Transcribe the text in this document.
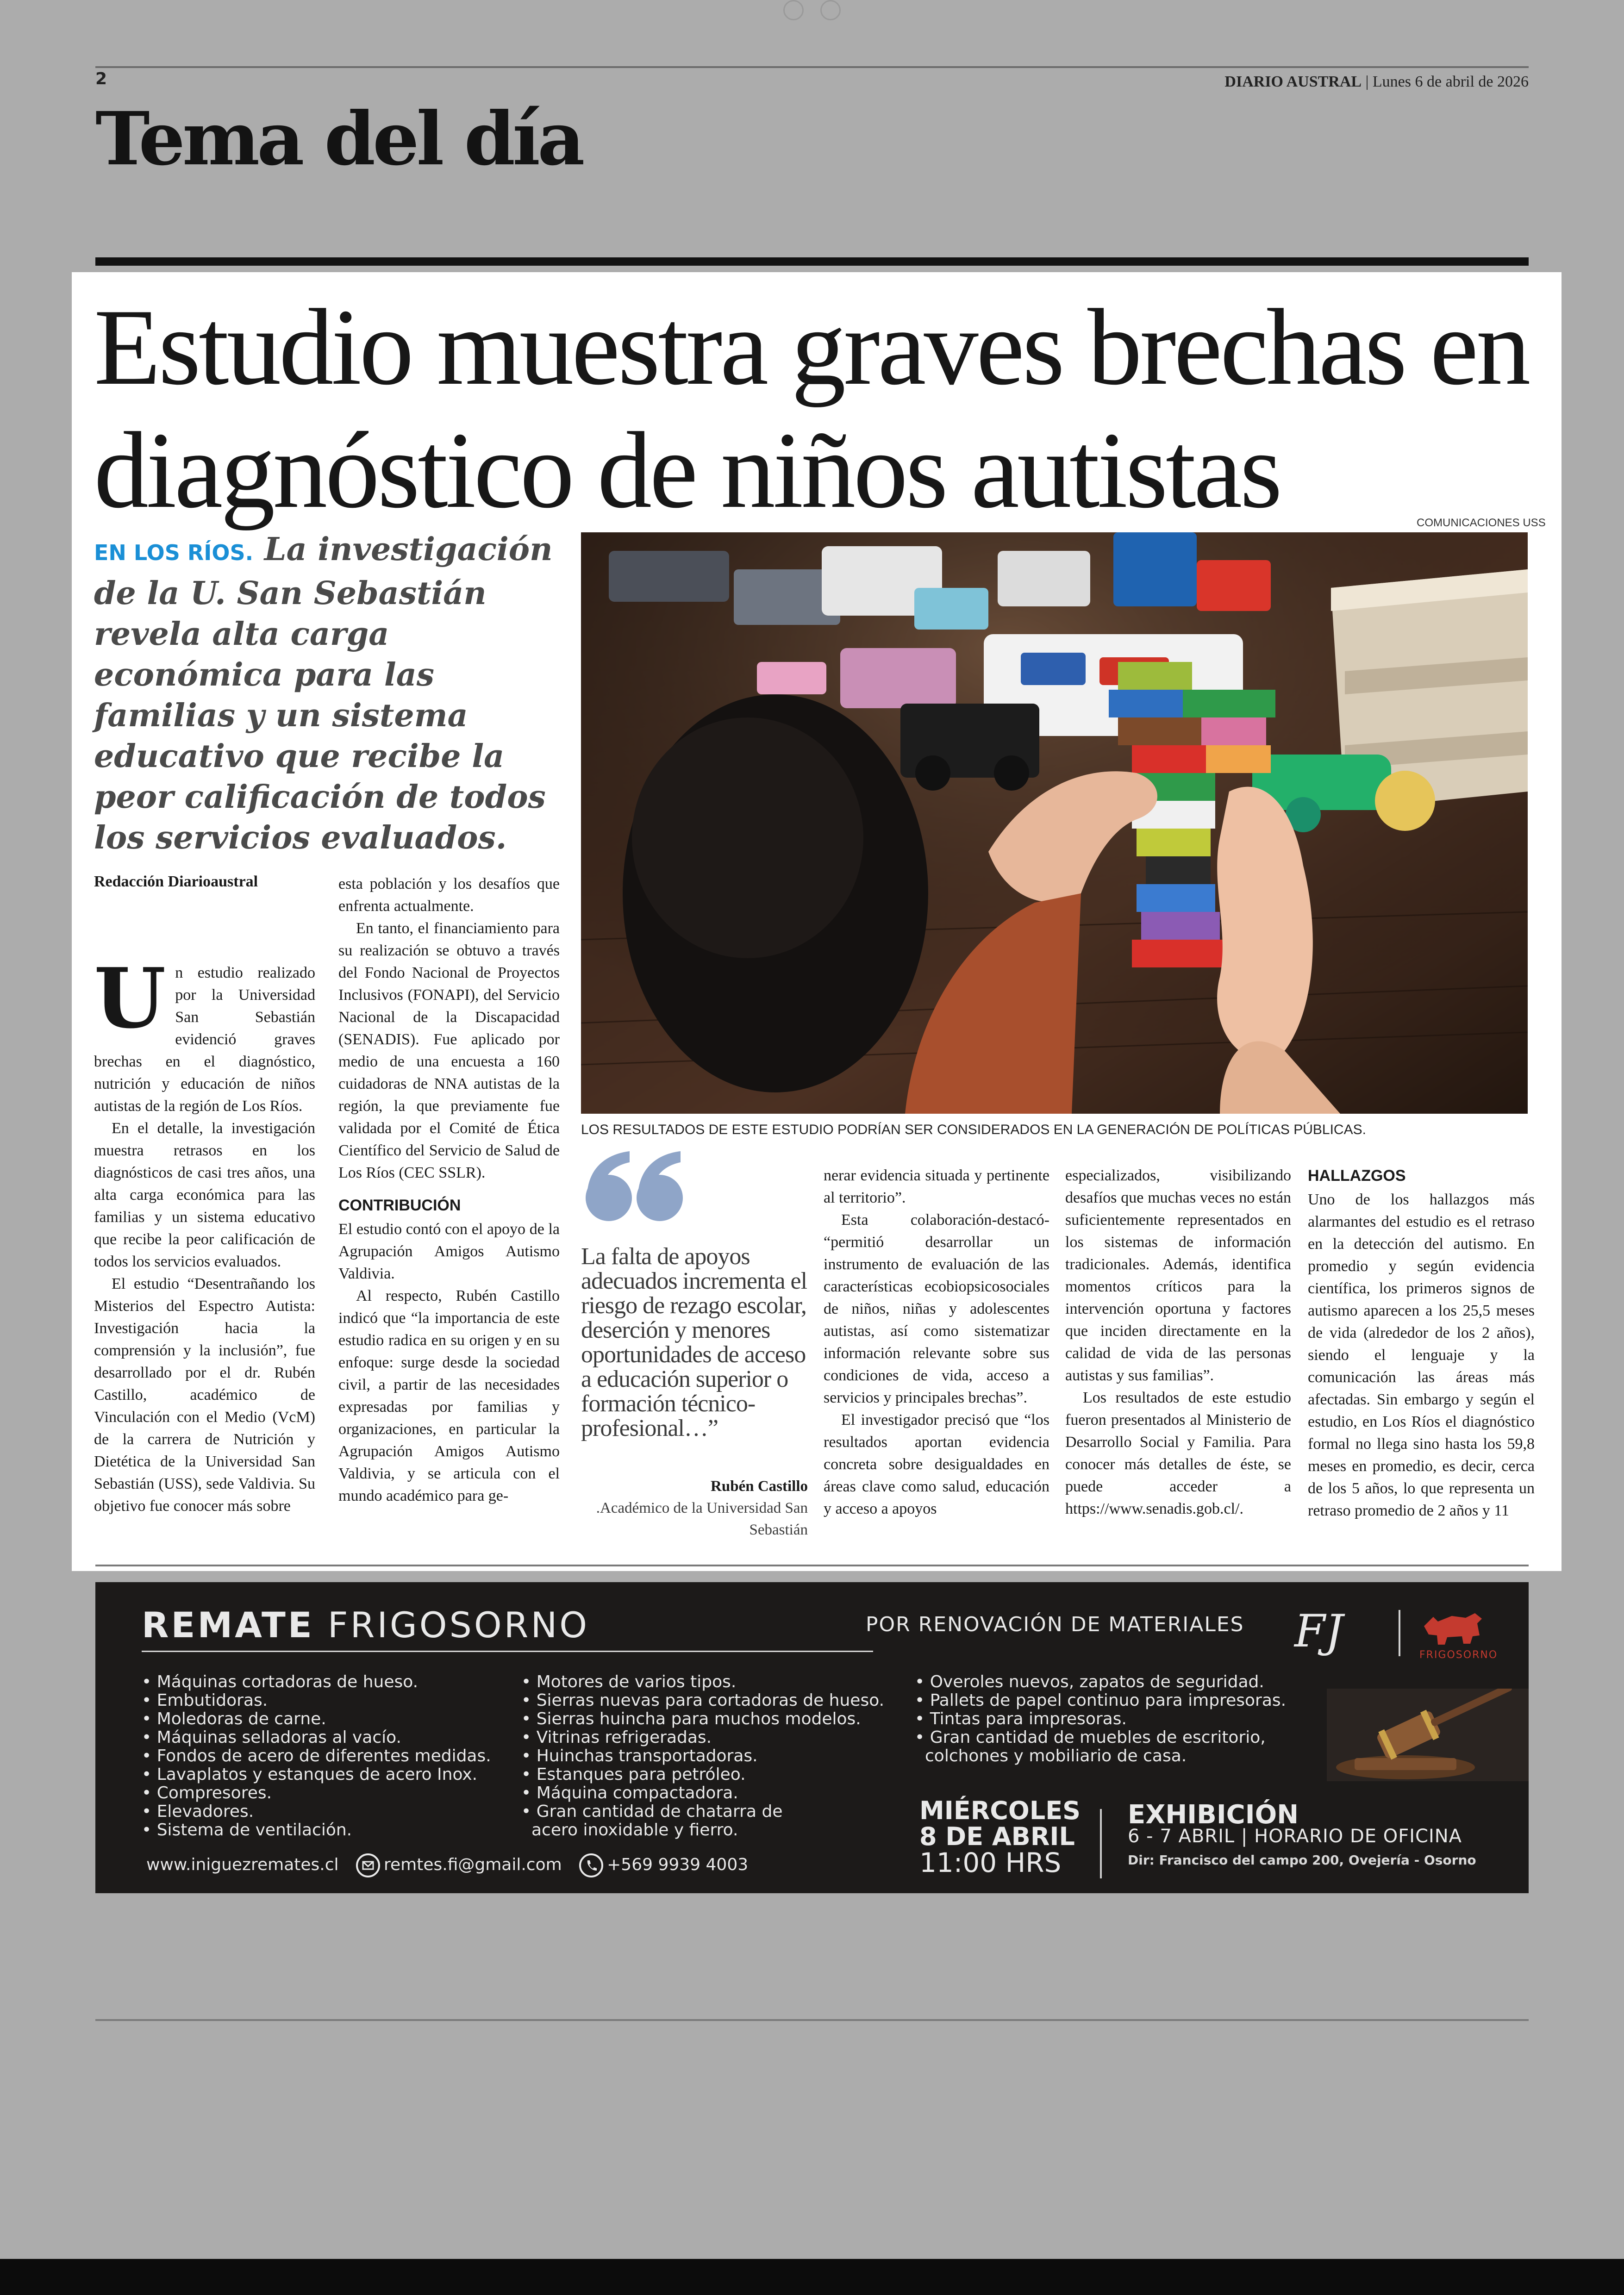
2	DIARIO AUSTRAL | Lunes 6 de abril de 2026
Tema del día
Estudio muestra graves brechas en diagnóstico de niños autistas
EN LOS RÍOS. La investigación de la U. San Sebastián revela alta carga económica para las familias y un sistema educativo que recibe la peor calificación de todos los servicios evaluados.
COMUNICACIONES USS
LOS RESULTADOS DE ESTE ESTUDIO PODRÍAN SER CONSIDERADOS EN LA GENERACIÓN DE POLÍTICAS PÚBLICAS.
Redacción Diarioaustral
U n estudio realizado por la Universidad San Sebastián evidenció graves brechas en el diagnóstico, nutrición y educación de niños autistas de la región de Los Ríos.

En el detalle, la investigación muestra retrasos en los diagnósticos de casi tres años, una alta carga económica para las familias y un sistema educativo que recibe la peor calificación de todos los servicios evaluados.

El estudio “Desentrañando los Misterios del Espectro Autista: Investigación hacia la comprensión y la inclusión”, fue desarrollado por el dr. Rubén Castillo, académico de Vinculación con el Medio (VcM) de la carrera de Nutrición y Dietética de la Universidad San Sebastián (USS), sede Valdivia. Su objetivo fue conocer más sobre

esta población y los desafíos que enfrenta actualmente.

En tanto, el financiamiento para su realización se obtuvo a través del Fondo Nacional de Proyectos Inclusivos (FONAPI), del Servicio Nacional de la Discapacidad (SENADIS). Fue aplicado por medio de una encuesta a 160 cuidadoras de NNA autistas de la región, la que previamente fue validada por el Comité de Ética Científico del Servicio de Salud de Los Ríos (CEC SSLR).

CONTRIBUCIÓN

El estudio contó con el apoyo de la Agrupación Amigos Autismo Valdivia.

Al respecto, Rubén Castillo indicó que “la importancia de este estudio radica en su origen y en su enfoque: surge desde la sociedad civil, a partir de las necesidades expresadas por familias y organizaciones, en particular la Agrupación Amigos Autismo Valdivia, y se articula con el mundo académico para ge-

La falta de apoyos adecuados incrementa el riesgo de rezago escolar, deserción y menores oportunidades de acceso a educación superior o formación técnico-profesional…”
Rubén Castillo
.Académico de la Universidad San Sebastián

nerar evidencia situada y pertinente al territorio”.

Esta colaboración-destacó- “permitió desarrollar un instrumento de evaluación de las características ecobiopsicosociales de niños, niñas y adolescentes autistas, así como sistematizar información relevante sobre sus condiciones de vida, acceso a servicios y principales brechas”.

El investigador precisó que “los resultados aportan evidencia concreta sobre desigualdades en áreas clave como salud, educación y acceso a apoyos

especializados, visibilizando desafíos que muchas veces no están suficientemente representados en los sistemas de información tradicionales. Además, identifica momentos críticos para la intervención oportuna y factores que inciden directamente en la calidad de vida de las personas autistas y sus familias”.

Los resultados de este estudio fueron presentados al Ministerio de Desarrollo Social y Familia. Para conocer más detalles de éste, se puede acceder a https://www.senadis.gob.cl/.

HALLAZGOS

Uno de los hallazgos más alarmantes del estudio es el retraso en la detección del autismo. En promedio y según evidencia científica, los primeros signos de autismo aparecen a los 25,5 meses de vida (alrededor de los 2 años), siendo el lenguaje y la comunicación las áreas más afectadas. Sin embargo y según el estudio, en Los Ríos el diagnóstico formal no llega sino hasta los 59,8 meses en promedio, es decir, cerca de los 5 años, lo que representa un retraso promedio de 2 años y 11

REMATE FRIGOSORNO	POR RENOVACIÓN DE MATERIALES FJ	FRIGOSORNO
• Máquinas cortadoras de hueso.
• Embutidoras.
• Moledoras de carne.
• Máquinas selladoras al vacío.
• Fondos de acero de diferentes medidas.
• Lavaplatos y estanques de acero Inox.
• Compresores.
• Elevadores.
• Sistema de ventilación.
• Motores de varios tipos.
• Sierras nuevas para cortadoras de hueso.
• Sierras huincha para muchos modelos.
• Vitrinas refrigeradas.
• Huinchas transportadoras.
• Estanques para petróleo.
• Máquina compactadora.
• Gran cantidad de chatarra de
acero inoxidable y fierro.
• Overoles nuevos, zapatos de seguridad.
• Pallets de papel continuo para impresoras.
• Tintas para impresoras.
• Gran cantidad de muebles de escritorio,
colchones y mobiliario de casa.
MIÉRCOLES
8 DE ABRIL
11:00 HRS
EXHIBICIÓN
6 - 7 ABRIL | HORARIO DE OFICINA
Dir: Francisco del campo 200, Ovejería - Osorno
www.iniguezremates.cl	remtes.fi@gmail.com	+569 9939 4003
